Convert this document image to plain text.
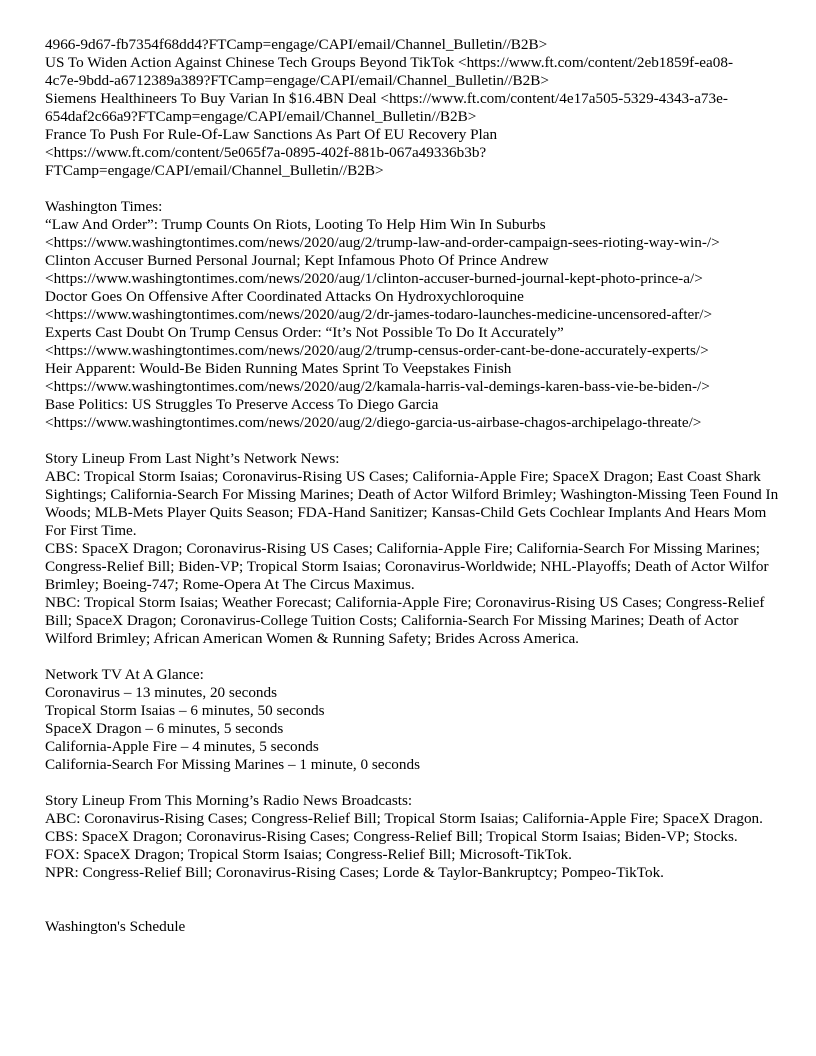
4966-9d67-fb7354f68dd4?FTCamp=engage/CAPI/email/Channel_Bulletin//B2B>
US To Widen Action Against Chinese Tech Groups Beyond TikTok <https://www.ft.com/content/2eb1859f-ea08-
4c7e-9bdd-a6712389a389?FTCamp=engage/CAPI/email/Channel_Bulletin//B2B>
Siemens Healthineers To Buy Varian In $16.4BN Deal <https://www.ft.com/content/4e17a505-5329-4343-a73e-
654daf2c66a9?FTCamp=engage/CAPI/email/Channel_Bulletin//B2B>
France To Push For Rule-Of-Law Sanctions As Part Of EU Recovery Plan
<https://www.ft.com/content/5e065f7a-0895-402f-881b-067a49336b3b?
FTCamp=engage/CAPI/email/Channel_Bulletin//B2B>
Washington Times:
“Law And Order”: Trump Counts On Riots, Looting To Help Him Win In Suburbs
<https://www.washingtontimes.com/news/2020/aug/2/trump-law-and-order-campaign-sees-rioting-way-win-/>
Clinton Accuser Burned Personal Journal; Kept Infamous Photo Of Prince Andrew
<https://www.washingtontimes.com/news/2020/aug/1/clinton-accuser-burned-journal-kept-photo-prince-a/>
Doctor Goes On Offensive After Coordinated Attacks On Hydroxychloroquine
<https://www.washingtontimes.com/news/2020/aug/2/dr-james-todaro-launches-medicine-uncensored-after/>
Experts Cast Doubt On Trump Census Order: “It’s Not Possible To Do It Accurately”
<https://www.washingtontimes.com/news/2020/aug/2/trump-census-order-cant-be-done-accurately-experts/>
Heir Apparent: Would-Be Biden Running Mates Sprint To Veepstakes Finish
<https://www.washingtontimes.com/news/2020/aug/2/kamala-harris-val-demings-karen-bass-vie-be-biden-/>
Base Politics: US Struggles To Preserve Access To Diego Garcia
<https://www.washingtontimes.com/news/2020/aug/2/diego-garcia-us-airbase-chagos-archipelago-threate/>
Story Lineup From Last Night’s Network News:
ABC: Tropical Storm Isaias; Coronavirus-Rising US Cases; California-Apple Fire; SpaceX Dragon; East Coast Shark Sightings; California-Search For Missing Marines; Death of Actor Wilford Brimley; Washington-Missing Teen Found In Woods; MLB-Mets Player Quits Season; FDA-Hand Sanitizer; Kansas-Child Gets Cochlear Implants And Hears Mom For First Time.
CBS: SpaceX Dragon; Coronavirus-Rising US Cases; California-Apple Fire; California-Search For Missing Marines; Congress-Relief Bill; Biden-VP; Tropical Storm Isaias; Coronavirus-Worldwide; NHL-Playoffs; Death of Actor Wilfor Brimley; Boeing-747; Rome-Opera At The Circus Maximus.
NBC: Tropical Storm Isaias; Weather Forecast; California-Apple Fire; Coronavirus-Rising US Cases; Congress-Relief Bill; SpaceX Dragon; Coronavirus-College Tuition Costs; California-Search For Missing Marines; Death of Actor Wilford Brimley; African American Women & Running Safety; Brides Across America.
Network TV At A Glance:
Coronavirus – 13 minutes, 20 seconds
Tropical Storm Isaias – 6 minutes, 50 seconds
SpaceX Dragon – 6 minutes, 5 seconds
California-Apple Fire – 4 minutes, 5 seconds
California-Search For Missing Marines – 1 minute, 0 seconds
Story Lineup From This Morning’s Radio News Broadcasts:
ABC: Coronavirus-Rising Cases; Congress-Relief Bill; Tropical Storm Isaias; California-Apple Fire; SpaceX Dragon.
CBS: SpaceX Dragon; Coronavirus-Rising Cases; Congress-Relief Bill; Tropical Storm Isaias; Biden-VP; Stocks.
FOX: SpaceX Dragon; Tropical Storm Isaias; Congress-Relief Bill; Microsoft-TikTok.
NPR: Congress-Relief Bill; Coronavirus-Rising Cases; Lorde & Taylor-Bankruptcy; Pompeo-TikTok.
Washington's Schedule
